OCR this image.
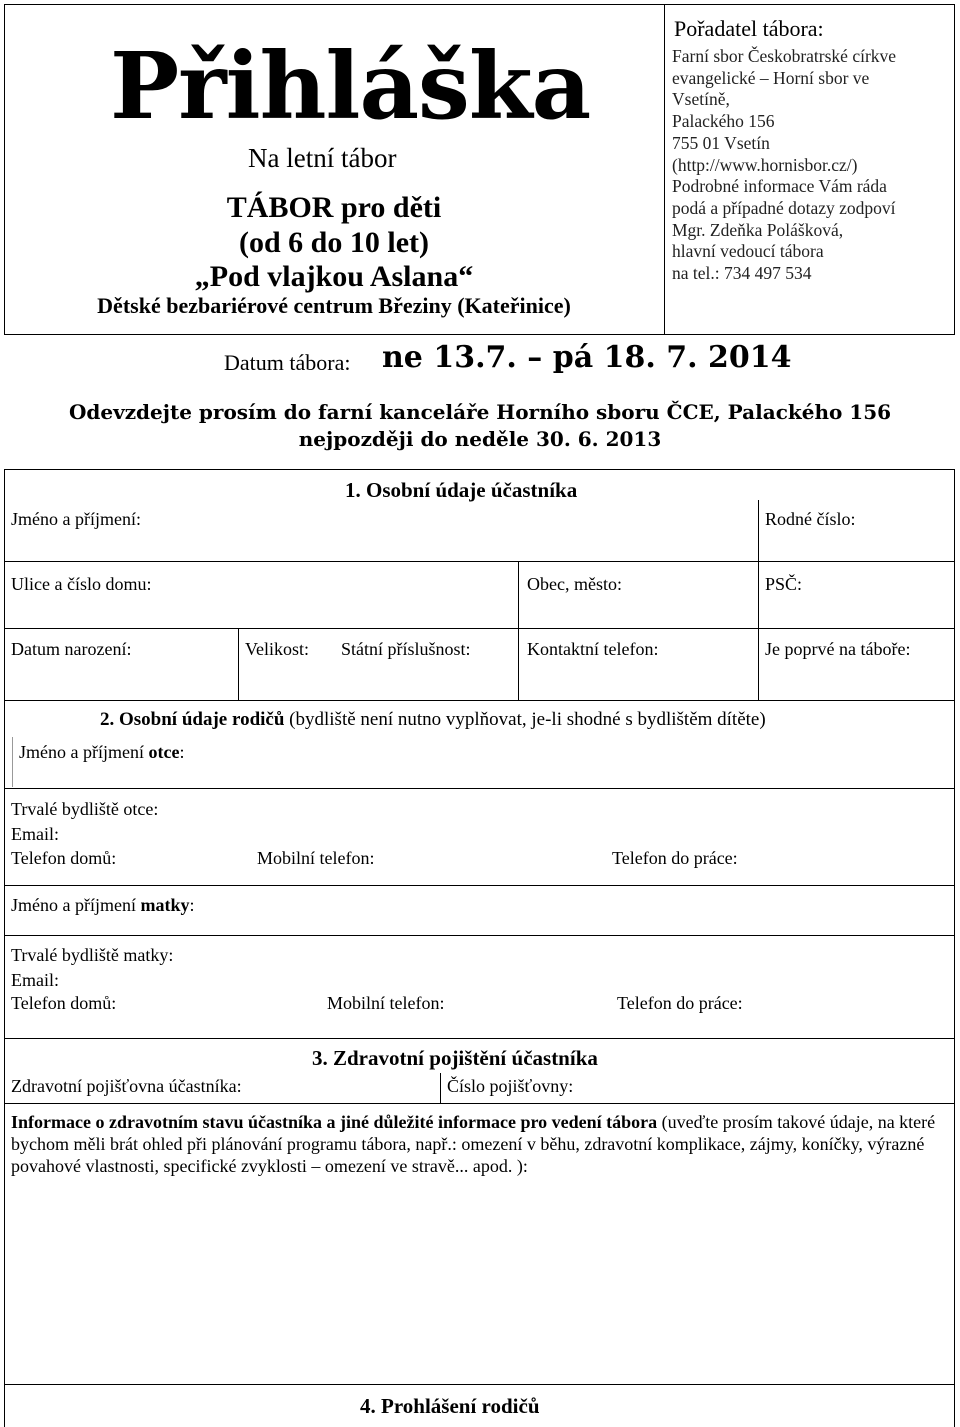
Přihláška
Na letní tábor
TÁBOR pro děti
(od 6 do 10 let)
„Pod vlajkou Aslana“
Dětské bezbariérové centrum Březiny (Kateřinice)
Pořadatel tábora:
Farní sbor Českobratrské církve
evangelické – Horní sbor ve
Vsetíně,
Palackého 156
755 01 Vsetín
(http://www.hornisbor.cz/)
Podrobné informace Vám ráda
podá a případné dotazy zodpoví
Mgr. Zdeňka Polášková,
hlavní vedoucí tábora
na tel.: 734 497 534
Datum tábora: ne 13.7. – pá 18. 7. 2014
Odevzdejte prosím do farní kanceláře Horního sboru ČCE, Palackého 156
nejpozději do neděle 30. 6. 2013
1. Osobní údaje účastníka
Jméno a příjmení:	Rodné číslo:
Ulice a číslo domu:	Obec, město:	PSČ:
Datum narození:	Velikost: Státní příslušnost:	Kontaktní telefon:	Je poprvé na táboře:
2. Osobní údaje rodičů (bydliště není nutno vyplňovat, je-li shodné s bydlištěm dítěte)
Jméno a příjmení otce:
Trvalé bydliště otce:
Email:
Telefon domů:	Mobilní telefon:	Telefon do práce:
Jméno a příjmení matky:
Trvalé bydliště matky:
Email:
Telefon domů:	Mobilní telefon:	Telefon do práce:
3. Zdravotní pojištění účastníka
Zdravotní pojišťovna účastníka:	Číslo pojišťovny:
Informace o zdravotním stavu účastníka a jiné důležité informace pro vedení tábora (uveďte prosím takové údaje, na které bychom měli brát ohled při plánování programu tábora, např.: omezení v běhu, zdravotní komplikace, zájmy, koníčky, výrazné povahové vlastnosti, specifické zvyklosti – omezení ve stravě... apod. ):
4. Prohlášení rodičů
